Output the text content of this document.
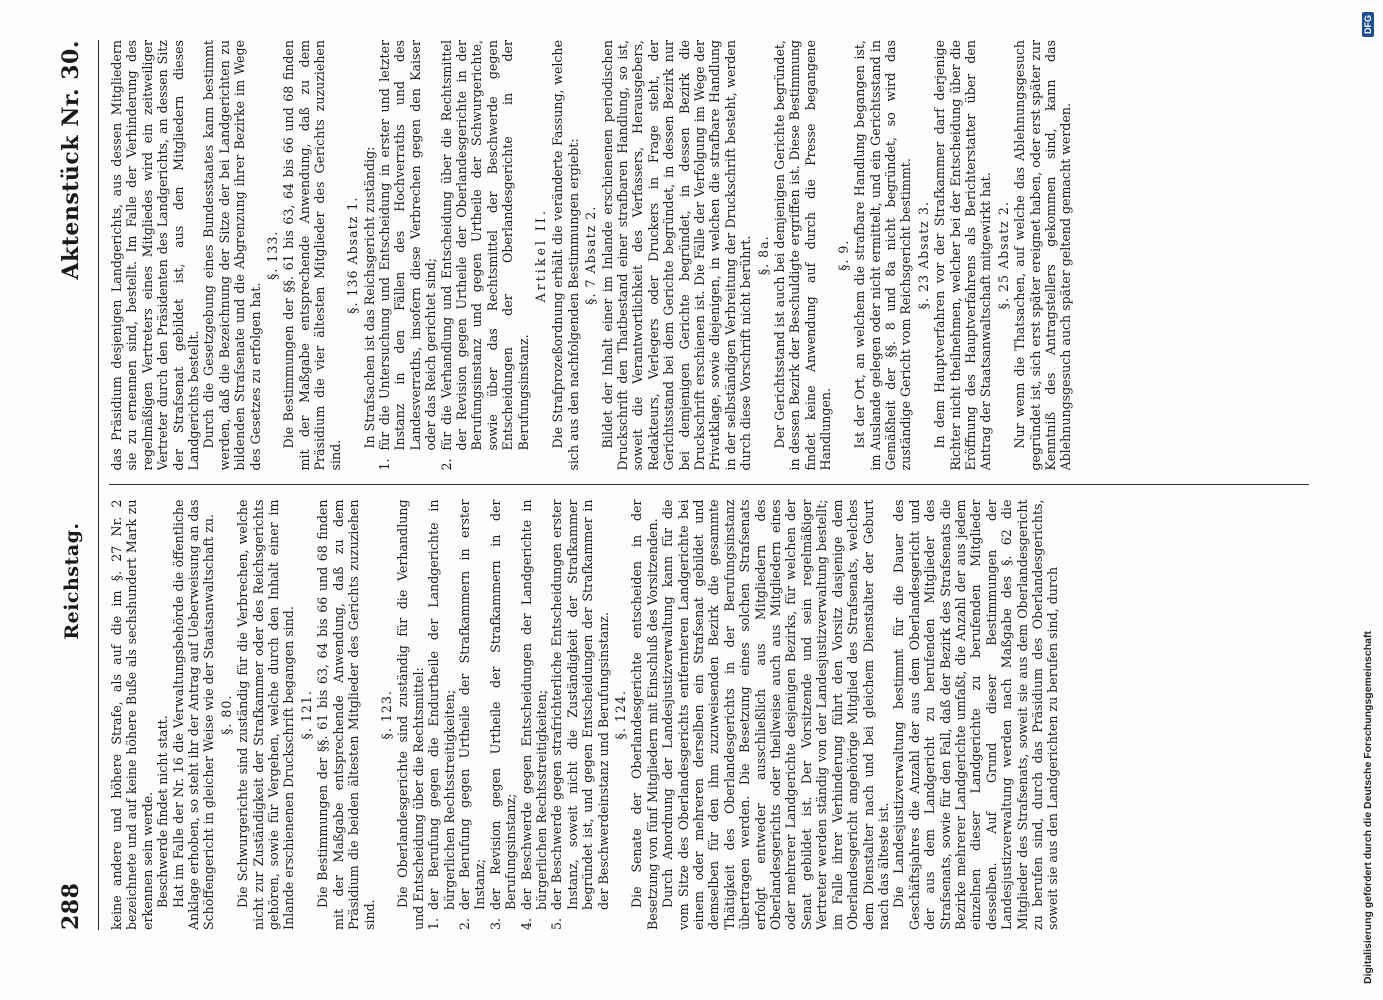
288
Reichstag.
Aktenstück Nr. 30.

keine andere und höhere Strafe, als auf die im §. 27 Nr. 2 bezeichnete und auf keine höhere Buße als sechshundert Mark zu erkennen sein werde. Beschwerde findet nicht statt. Hat im Falle der Nr. 16 die Verwaltungsbehörde die öffentliche Anklage erhoben, so steht ihr der Antrag auf Ueberweisung an das Schöffengericht in gleicher Weise wie der Staatsanwaltschaft zu. §. 80. Die Schwurgerichte sind zuständig für die Verbrechen, welche nicht zur Zuständigkeit der Strafkammer oder des Reichsgerichts gehören, sowie für Vergehen, welche durch den Inhalt einer im Inlande erschienenen Druckschrift begangen sind. §. 121. Die Bestimmungen der §§. 61 bis 63, 64 bis 66 und 68 finden mit der Maßgabe entsprechende Anwendung, daß zu dem Präsidium die beiden ältesten Mitglieder des Gerichts zuzuziehen sind.

§. 123. Die Oberlandesgerichte sind zuständig für die Verhandlung und Entscheidung über die Rechtsmittel: 1.
der Berufung gegen die Endurtheile der Landgerichte in bürgerlichen Rechtsstreitigkeiten;
2.
der Berufung gegen Urtheile der Strafkammern in erster Instanz;
3.
der Revision gegen Urtheile der Strafkammern in der Berufungsinstanz;
4.
der Beschwerde gegen Entscheidungen der Landgerichte in bürgerlichen Rechtsstreitigkeiten;
5.
der Beschwerde gegen strafrichterliche Entscheidungen erster Instanz, soweit nicht die Zuständigkeit der Strafkammer begründet ist, und gegen Entscheidungen der Strafkammer in der Beschwerdeinstanz und Berufungsinstanz. §. 124. Die Senate der Oberlandesgerichte entscheiden in der Besetzung von fünf Mitgliedern mit Einschluß des Vorsitzenden. Durch Anordnung der Landesjustizverwaltung kann für die vom Sitze des Oberlandesgerichts entfernteren Landgerichte bei einem oder mehreren derselben ein Strafsenat gebildet und demselben für den ihm zuzuweisenden Bezirk die gesammte Thätigkeit des Oberlandesgerichts in der Berufungsinstanz übertragen werden. Die Besetzung eines solchen Strafsenats erfolgt entweder ausschließlich aus Mitgliedern des Oberlandesgerichts oder theilweise auch aus Mitgliedern eines oder mehrerer Landgerichte desjenigen Bezirks, für welchen der Senat gebildet ist. Der Vorsitzende und sein regelmäßiger Vertreter werden ständig von der Landesjustizverwaltung bestellt; im Falle ihrer Verhinderung führt den Vorsitz dasjenige dem Oberlandesgericht angehörige Mitglied des Strafsenats, welches dem Dienstalter nach und bei gleichem Dienstalter der Geburt nach das älteste ist. Die Landesjustizverwaltung bestimmt für die Dauer des Geschäftsjahres die Anzahl der aus dem Oberlandesgericht und der aus dem Landgericht zu berufenden Mitglieder des Strafsenats, sowie für den Fall, daß der Bezirk des Strafsenats die Bezirke mehrerer Landgerichte umfaßt, die Anzahl der aus jedem einzelnen dieser Landgerichte zu berufenden Mitglieder desselben. Auf Grund dieser Bestimmungen der Landesjustizverwaltung werden nach Maßgabe des §. 62 die Mitglieder des Strafsenats, soweit sie aus dem Oberlandesgericht zu berufen sind, durch das Präsidium des Oberlandesgerichts, soweit sie aus den Landgerichten zu berufen sind, durch

das Präsidium desjenigen Landgerichts, aus dessen Mitgliedern sie zu ernennen sind, bestellt. Im Falle der Verhinderung des regelmäßigen Vertreters eines Mitgliedes wird ein zeitweiliger Vertreter durch den Präsidenten des Landgerichts, an dessen Sitz der Strafsenat gebildet ist, aus den Mitgliedern dieses Landgerichts bestellt. Durch die Gesetzgebung eines Bundesstaates kann bestimmt werden, daß die Bezeichnung der Sitze der bei Landgerichten zu bildenden Strafsenate und die Abgrenzung ihrer Bezirke im Wege des Gesetzes zu erfolgen hat.

§. 133. Die Bestimmungen der §§. 61 bis 63, 64 bis 66 und 68 finden mit der Maßgabe entsprechende Anwendung, daß zu dem Präsidium die vier ältesten Mitglieder des Gerichts zuzuziehen sind.

§. 136 Absatz 1. In Strafsachen ist das Reichsgericht zuständig:

1.
für die Untersuchung und Entscheidung in erster und letzter Instanz in den Fällen des Hochverraths und des Landesverraths, insofern diese Verbrechen gegen den Kaiser oder das Reich gerichtet sind;
2.
für die Verhandlung und Entscheidung über die Rechtsmittel der Revision gegen Urtheile der Oberlandesgerichte in der Berufungsinstanz und gegen Urtheile der Schwurgerichte, sowie über das Rechtsmittel der Beschwerde gegen Entscheidungen der Oberlandesgerichte in der Berufungsinstanz.

Artikel II. Die Strafprozeßordnung erhält die veränderte Fassung, welche sich aus den nachfolgenden Bestimmungen ergiebt: §. 7 Absatz 2. Bildet der Inhalt einer im Inlande erschienenen periodischen Druckschrift den Thatbestand einer strafbaren Handlung, so ist, soweit die Verantwortlichkeit des Verfassers, Herausgebers, Redakteurs, Verlegers oder Druckers in Frage steht, der Gerichtsstand bei dem Gerichte begründet, in dessen Bezirk nur bei demjenigen Gerichte begründet, in dessen Bezirk die Druckschrift erschienen ist. Die Fälle der Verfolgung im Wege der Privatklage, sowie diejenigen, in welchen die strafbare Handlung in der selbständigen Verbreitung der Druckschrift besteht, werden durch diese Vorschrift nicht berührt. §. 8a. Der Gerichtsstand ist auch bei demjenigen Gerichte begründet, in dessen Bezirk der Beschuldigte ergriffen ist. Diese Bestimmung findet keine Anwendung auf durch die Presse begangene Handlungen.

§. 9. Ist der Ort, an welchem die strafbare Handlung begangen ist, im Auslande gelegen oder nicht ermittelt, und ein Gerichtsstand in Gemäßheit der §§. 8 und 8a nicht begründet, so wird das zuständige Gericht vom Reichsgericht bestimmt. §. 23 Absatz 3. In dem Hauptverfahren vor der Strafkammer darf derjenige Richter nicht theilnehmen, welcher bei der Entscheidung über die Eröffnung des Hauptverfahrens als Berichterstatter über den Antrag der Staatsanwaltschaft mitgewirkt hat. §. 25 Absatz 2. Nur wenn die Thatsachen, auf welche das Ablehnungsgesuch gegründet ist, sich erst später ereignet haben, oder erst später zur Kenntniß des Antragstellers gekommen sind, kann das Ablehnungsgesuch auch später geltend gemacht werden.

Digitalisierung gefördert durch die Deutsche Forschungsgemeinschaft
DFG
